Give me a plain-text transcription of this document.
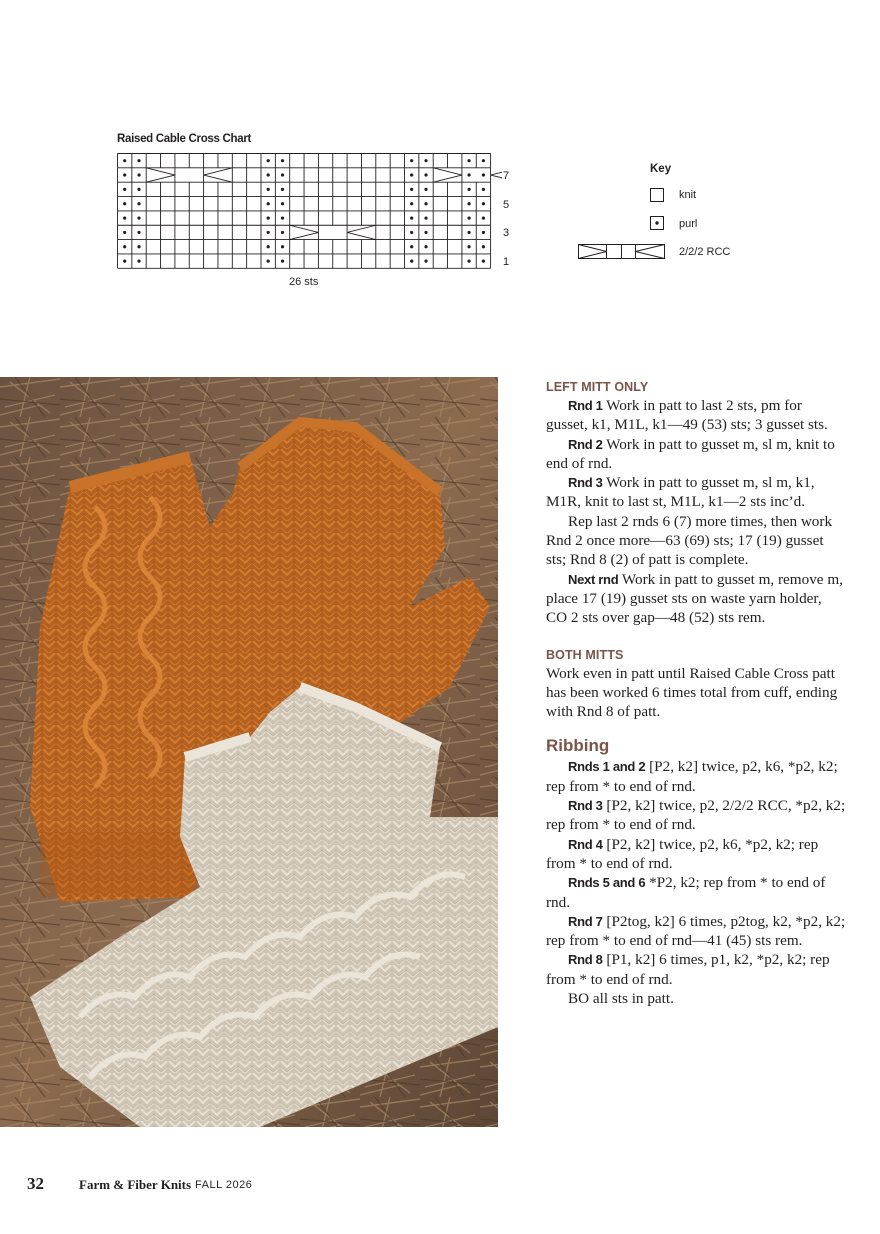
Raised Cable Cross Chart
26 sts
7
5
3
1
Key
knit
purl
2/2/2 RCC
LEFT MITT ONLY
Rnd 1 Work in patt to last 2 sts, pm for gusset, k1, M1L, k1—49 (53) sts; 3 gusset sts.
Rnd 2 Work in patt to gusset m, sl m, knit to end of rnd.
Rnd 3 Work in patt to gusset m, sl m, k1, M1R, knit to last st, M1L, k1—2 sts inc’d.
Rep last 2 rnds 6 (7) more times, then work Rnd 2 once more—63 (69) sts; 17 (19) gusset sts; Rnd 8 (2) of patt is complete.
Next rnd Work in patt to gusset m, remove m, place 17 (19) gusset sts on waste yarn holder, CO 2 sts over gap—48 (52) sts rem.
BOTH MITTS
Work even in patt until Raised Cable Cross patt has been worked 6 times total from cuff, ending with Rnd 8 of patt.
Ribbing
Rnds 1 and 2 [P2, k2] twice, p2, k6, *p2, k2; rep from * to end of rnd.
Rnd 3 [P2, k2] twice, p2, 2/2/2 RCC, *p2, k2; rep from * to end of rnd.
Rnd 4 [P2, k2] twice, p2, k6, *p2, k2; rep from * to end of rnd.
Rnds 5 and 6 *P2, k2; rep from * to end of rnd.
Rnd 7 [P2tog, k2] 6 times, p2tog, k2, *p2, k2; rep from * to end of rnd—41 (45) sts rem.
Rnd 8 [P1, k2] 6 times, p1, k2, *p2, k2; rep from * to end of rnd.
BO all sts in patt.
32	Farm & Fiber Knits FALL 2026
